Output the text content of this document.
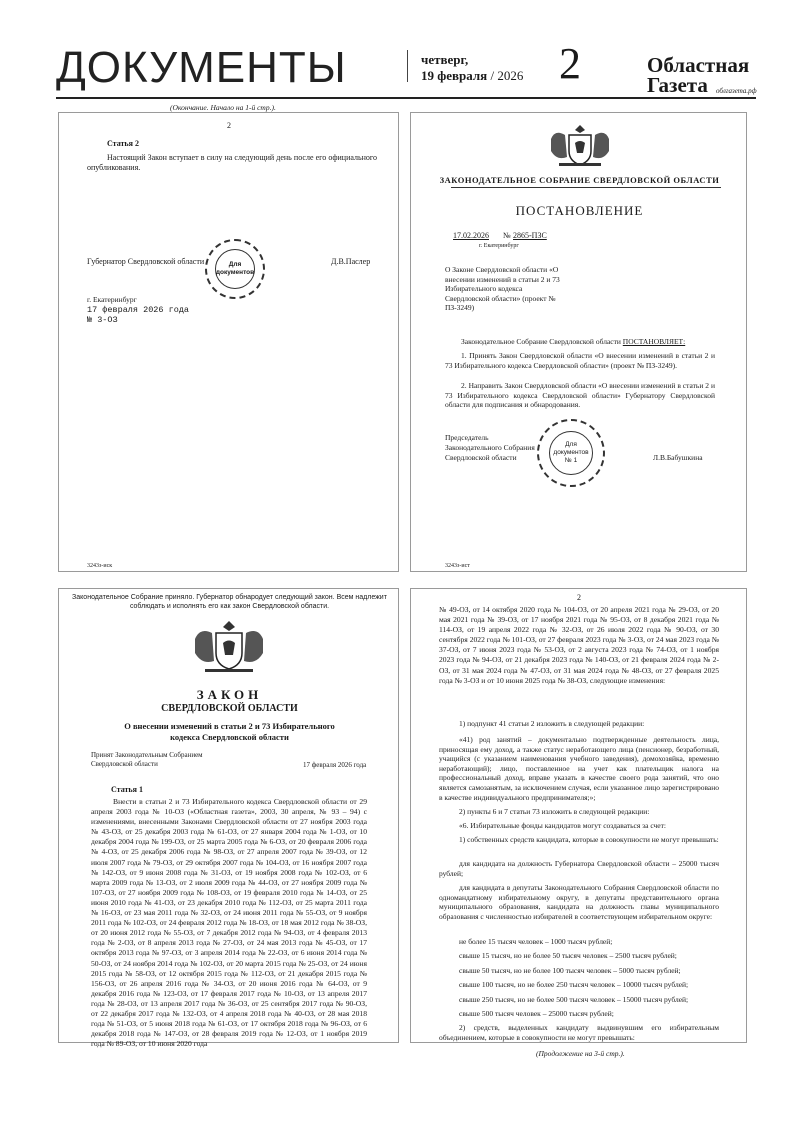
ДОКУМЕНТЫ	четверг,
19 февраля / 2026 2	Областная
Газета	облгазета.рф
(Окончание. Начало на 1-й стр.).
2
Статья 2
Настоящий Закон вступает в силу на следующий день после его официального опубликования.
Губернатор Свердловской области	Д.В.Паслер
Для документов
г. Екатеринбург
17 февраля 2026 года
№ 3-ОЗ
3243з-иск
ЗАКОНОДАТЕЛЬНОЕ СОБРАНИЕ СВЕРДЛОВСКОЙ ОБЛАСТИ
ПОСТАНОВЛЕНИЕ
17.02.2026 № 2865-ПЗС
г. Екатеринбург
О Законе Свердловской области «О внесении изменений в статьи 2 и 73 Избирательного кодекса Свердловской области» (проект № ПЗ-3249)
Законодательное Собрание Свердловской области ПОСТАНОВЛЯЕТ:
1. Принять Закон Свердловской области «О внесении изменений в статьи 2 и 73 Избирательного кодекса Свердловской области» (проект № ПЗ-3249).
2. Направить Закон Свердловской области «О внесении изменений в статьи 2 и 73 Избирательного кодекса Свердловской области» Губернатору Свердловской области для подписания и обнародования.
Председатель
Законодательного Собрания
Свердловской области
Для документов № 1	Л.В.Бабушкина
3243з-ист
Законодательное Собрание приняло. Губернатор обнародует следующий закон. Всем надлежит соблюдать и исполнять его как закон Свердловской области.
ЗАКОН
СВЕРДЛОВСКОЙ ОБЛАСТИ
О внесении изменений в статьи 2 и 73 Избирательного кодекса Свердловской области
Принят Законодательным Собранием
Свердловской области	17 февраля 2026 года
Статья 1
Внести в статьи 2 и 73 Избирательного кодекса Свердловской области от 29 апреля 2003 года № 10-ОЗ («Областная газета», 2003, 30 апреля, № 93 – 94) с изменениями, внесенными Законами Свердловской области от 27 ноября 2003 года № 43-ОЗ, от 25 декабря 2003 года № 61-ОЗ, от 27 января 2004 года № 1-ОЗ, от 10 декабря 2004 года № 199-ОЗ, от 25 марта 2005 года № 6-ОЗ, от 20 февраля 2006 года № 4-ОЗ, от 25 декабря 2006 года № 98-ОЗ, от 27 апреля 2007 года № 39-ОЗ, от 12 июля 2007 года № 79-ОЗ, от 29 октября 2007 года № 104-ОЗ, от 16 ноября 2007 года № 142-ОЗ, от 9 июня 2008 года № 31-ОЗ, от 19 ноября 2008 года № 102-ОЗ, от 6 марта 2009 года № 13-ОЗ, от 2 июля 2009 года № 44-ОЗ, от 27 ноября 2009 года № 107-ОЗ, от 27 ноября 2009 года № 108-ОЗ, от 19 февраля 2010 года № 14-ОЗ, от 25 июня 2010 года № 41-ОЗ, от 23 декабря 2010 года № 112-ОЗ, от 25 марта 2011 года № 16-ОЗ, от 23 мая 2011 года № 32-ОЗ, от 24 июня 2011 года № 55-ОЗ, от 9 ноября 2011 года № 102-ОЗ, от 24 февраля 2012 года № 18-ОЗ, от 18 мая 2012 года № 38-ОЗ, от 20 июня 2012 года № 55-ОЗ, от 7 декабря 2012 года № 94-ОЗ, от 4 февраля 2013 года № 2-ОЗ, от 8 апреля 2013 года № 27-ОЗ, от 24 мая 2013 года № 45-ОЗ, от 17 октября 2013 года № 97-ОЗ, от 3 апреля 2014 года № 22-ОЗ, от 6 июня 2014 года № 50-ОЗ, от 24 ноября 2014 года № 102-ОЗ, от 20 марта 2015 года № 25-ОЗ, от 24 июня 2015 года № 58-ОЗ, от 12 октября 2015 года № 112-ОЗ, от 21 декабря 2015 года № 156-ОЗ, от 26 апреля 2016 года № 34-ОЗ, от 20 июня 2016 года № 64-ОЗ, от 9 декабря 2016 года № 123-ОЗ, от 17 февраля 2017 года № 10-ОЗ, от 13 апреля 2017 года № 28-ОЗ, от 13 апреля 2017 года № 36-ОЗ, от 25 сентября 2017 года № 90-ОЗ, от 22 декабря 2017 года № 132-ОЗ, от 4 апреля 2018 года № 40-ОЗ, от 28 мая 2018 года № 51-ОЗ, от 5 июня 2018 года № 61-ОЗ, от 17 октября 2018 года № 96-ОЗ, от 6 декабря 2018 года № 147-ОЗ, от 28 февраля 2019 года № 12-ОЗ, от 1 ноября 2019 года № 89-ОЗ, от 10 июня 2020 года
2
№ 49-ОЗ, от 14 октября 2020 года № 104-ОЗ, от 20 апреля 2021 года № 29-ОЗ, от 20 мая 2021 года № 39-ОЗ, от 17 ноября 2021 года № 95-ОЗ, от 8 декабря 2021 года № 114-ОЗ, от 19 апреля 2022 года № 32-ОЗ, от 26 июля 2022 года № 90-ОЗ, от 30 сентября 2022 года № 101-ОЗ, от 27 февраля 2023 года № 3-ОЗ, от 24 мая 2023 года № 37-ОЗ, от 7 июня 2023 года № 53-ОЗ, от 2 августа 2023 года № 74-ОЗ, от 1 ноября 2023 года № 94-ОЗ, от 21 декабря 2023 года № 140-ОЗ, от 21 февраля 2024 года № 2-ОЗ, от 31 мая 2024 года № 47-ОЗ, от 31 мая 2024 года № 48-ОЗ, от 27 февраля 2025 года № 3-ОЗ и от 10 июня 2025 года № 38-ОЗ, следующие изменения:
1) подпункт 41 статьи 2 изложить в следующей редакции:
«41) род занятий – документально подтвержденные деятельность лица, приносящая ему доход, а также статус неработающего лица (пенсионер, безработный, учащийся (с указанием наименования учебного заведения), домохозяйка, временно неработающий); лицо, поставленное на учет как плательщик налога на профессиональный доход, вправе указать в качестве своего рода занятий, что оно является самозанятым, за исключением случая, если указанное лицо зарегистрировано в качестве индивидуального предпринимателя;»;
2) пункты 6 и 7 статьи 73 изложить в следующей редакции:
«6. Избирательные фонды кандидатов могут создаваться за счет:
1) собственных средств кандидата, которые в совокупности не могут превышать:
для кандидата на должность Губернатора Свердловской области – 25000 тысяч рублей;
для кандидата в депутаты Законодательного Собрания Свердловской области по одномандатному избирательному округу, в депутаты представительного органа муниципального образования, кандидата на должность главы муниципального образования с численностью избирателей в соответствующем избирательном округе:
не более 15 тысяч человек – 1000 тысяч рублей;
свыше 15 тысяч, но не более 50 тысяч человек – 2500 тысяч рублей;
свыше 50 тысяч, но не более 100 тысяч человек – 5000 тысяч рублей;
свыше 100 тысяч, но не более 250 тысяч человек – 10000 тысяч рублей;
свыше 250 тысяч, но не более 500 тысяч человек – 15000 тысяч рублей;
свыше 500 тысяч человек – 25000 тысяч рублей;
2) средств, выделенных кандидату выдвинувшим его избирательным объединением, которые в совокупности не могут превышать:
(Продолжение на 3-й стр.).
